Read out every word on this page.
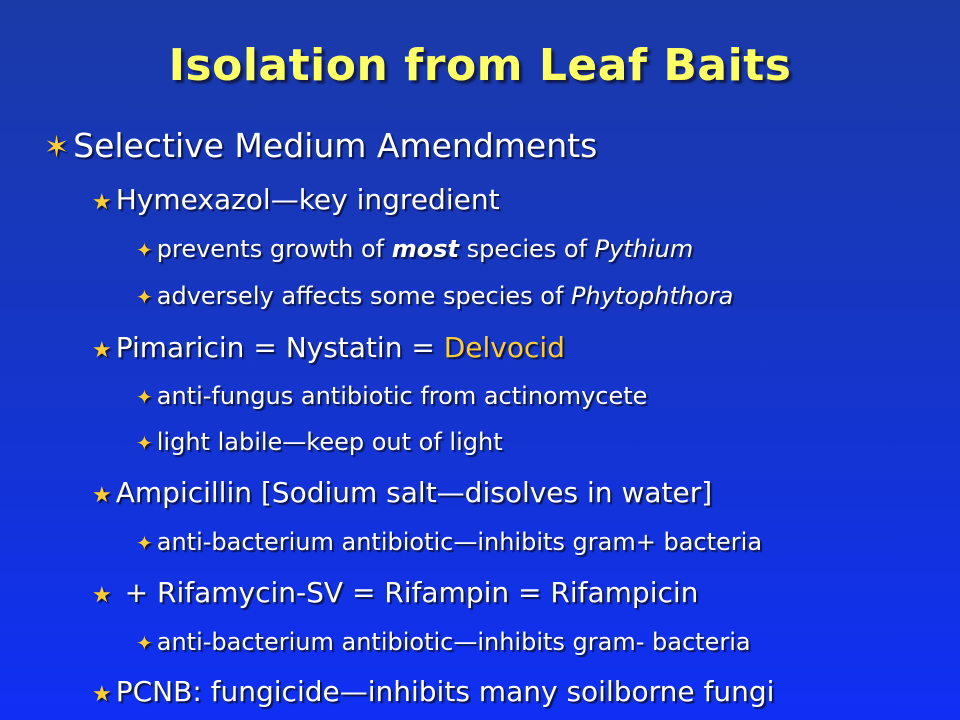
Isolation from Leaf Baits
✶ Selective Medium Amendments
★ Hymexazol—key ingredient
✦ prevents growth of most species of Pythium
✦ adversely affects some species of Phytophthora
★ Pimaricin = Nystatin = Delvocid
✦ anti-fungus antibiotic from actinomycete
✦ light labile—keep out of light
★ Ampicillin [Sodium salt—disolves in water]
✦ anti-bacterium antibiotic—inhibits gram+ bacteria
★ + Rifamycin-SV = Rifampin = Rifampicin
✦ anti-bacterium antibiotic—inhibits gram- bacteria
★ PCNB: fungicide—inhibits many soilborne fungi
